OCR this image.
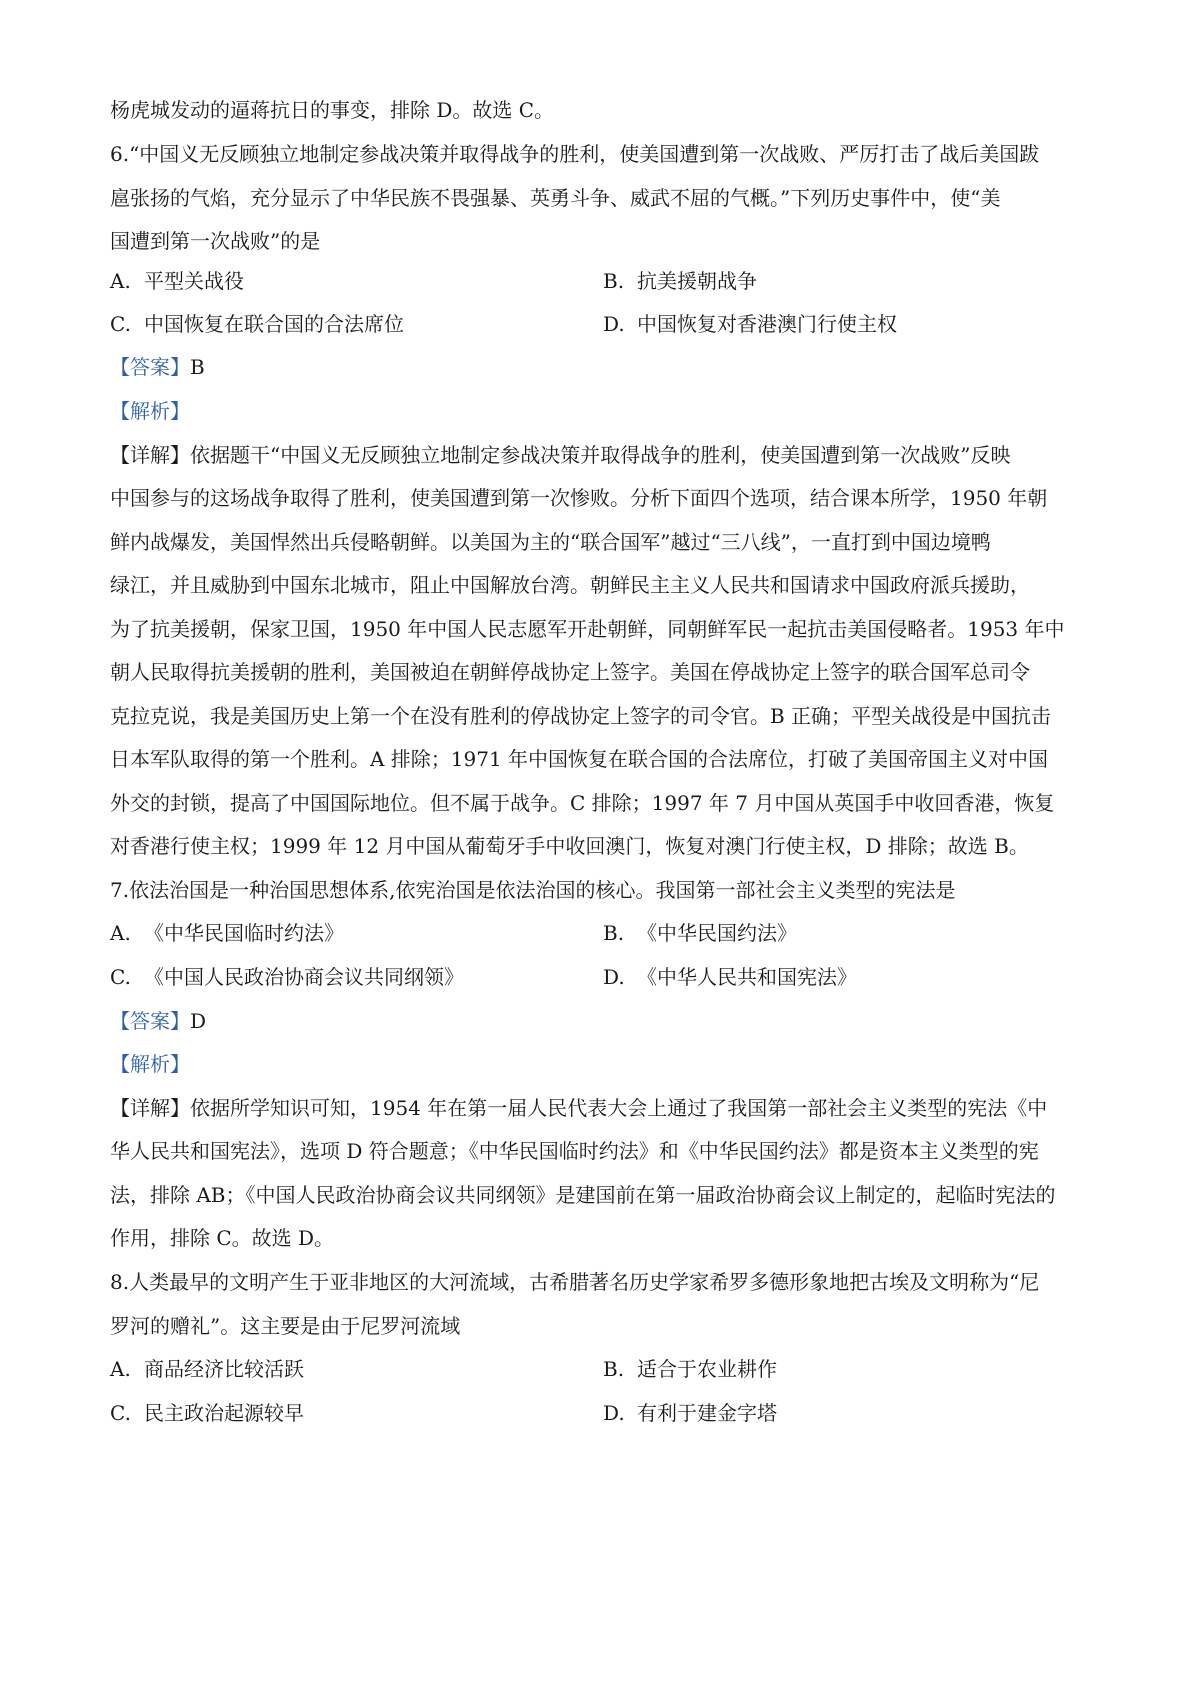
杨虎城发动的逼蒋抗日的事变，排除 D。故选 C。
6.“中国义无反顾独立地制定参战决策并取得战争的胜利，使美国遭到第一次战败、严厉打击了战后美国跋
扈张扬的气焰，充分显示了中华民族不畏强暴、英勇斗争、威武不屈的气概。”下列历史事件中，使“美
国遭到第一次战败”的是
A. 平型关战役	B. 抗美援朝战争
C. 中国恢复在联合国的合法席位	D. 中国恢复对香港澳门行使主权
【答案】B
【解析】
【详解】依据题干“中国义无反顾独立地制定参战决策并取得战争的胜利，使美国遭到第一次战败”反映
中国参与的这场战争取得了胜利，使美国遭到第一次惨败。分析下面四个选项，结合课本所学，1950 年朝
鲜内战爆发，美国悍然出兵侵略朝鲜。以美国为主的“联合国军”越过“三八线”，一直打到中国边境鸭
绿江，并且威胁到中国东北城市，阻止中国解放台湾。朝鲜民主主义人民共和国请求中国政府派兵援助，
为了抗美援朝，保家卫国，1950 年中国人民志愿军开赴朝鲜，同朝鲜军民一起抗击美国侵略者。1953 年中
朝人民取得抗美援朝的胜利，美国被迫在朝鲜停战协定上签字。美国在停战协定上签字的联合国军总司令
克拉克说，我是美国历史上第一个在没有胜利的停战协定上签字的司令官。B 正确；平型关战役是中国抗击
日本军队取得的第一个胜利。A 排除；1971 年中国恢复在联合国的合法席位，打破了美国帝国主义对中国
外交的封锁，提高了中国国际地位。但不属于战争。C 排除；1997 年 7 月中国从英国手中收回香港，恢复
对香港行使主权；1999 年 12 月中国从葡萄牙手中收回澳门，恢复对澳门行使主权，D 排除；故选 B。
7.依法治国是一种治国思想体系,依宪治国是依法治国的核心。我国第一部社会主义类型的宪法是
A. 《中华民国临时约法》	B. 《中华民国约法》
C. 《中国人民政治协商会议共同纲领》	D. 《中华人民共和国宪法》
【答案】D
【解析】
【详解】依据所学知识可知，1954 年在第一届人民代表大会上通过了我国第一部社会主义类型的宪法《中
华人民共和国宪法》，选项 D 符合题意；《中华民国临时约法》和《中华民国约法》都是资本主义类型的宪
法，排除 AB；《中国人民政治协商会议共同纲领》是建国前在第一届政治协商会议上制定的，起临时宪法的
作用，排除 C。故选 D。
8.人类最早的文明产生于亚非地区的大河流域，古希腊著名历史学家希罗多德形象地把古埃及文明称为“尼
罗河的赠礼”。这主要是由于尼罗河流域
A. 商品经济比较活跃	B. 适合于农业耕作
C. 民主政治起源较早	D. 有利于建金字塔
